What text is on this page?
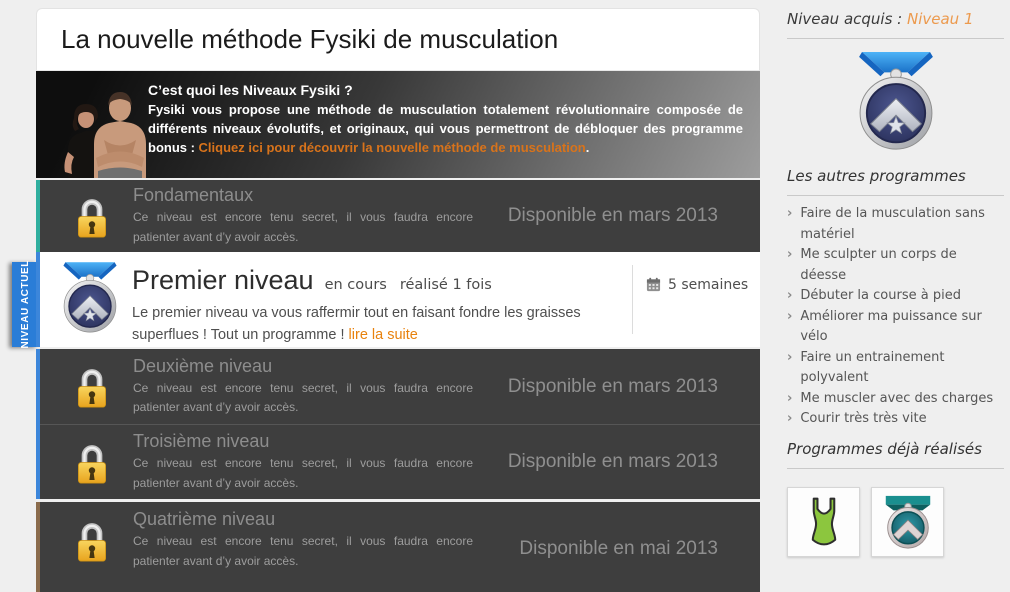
NIVEAU ACTUEL
La nouvelle méthode Fysiki de musculation

C’est quoi les Niveaux Fysiki ?

Fysiki vous propose une méthode de musculation totalement révolutionnaire composée de différents niveaux évolutifs, et originaux, qui vous permettront de débloquer des programme bonus : Cliquez ici pour découvrir la nouvelle méthode de musculation.

Fondamentaux

Ce niveau est encore tenu secret, il vous faudra encore patienter avant d’y avoir accès.

Disponible en mars 2013
Premier niveau en cours réalisé 1 fois

Le premier niveau va vous raffermir tout en faisant fondre les graisses superflues ! Tout un programme ! lire la suite

5 semaines
Deuxième niveau

Ce niveau est encore tenu secret, il vous faudra encore patienter avant d’y avoir accès.

Disponible en mars 2013
Troisième niveau

Ce niveau est encore tenu secret, il vous faudra encore patienter avant d’y avoir accès.

Disponible en mars 2013
Quatrième niveau

Ce niveau est encore tenu secret, il vous faudra encore patienter avant d’y avoir accès.

Disponible en mai 2013

Niveau acquis : Niveau 1

Les autres programmes
› Faire de la musculation sans matériel
› Me sculpter un corps de déesse
› Débuter la course à pied
› Améliorer ma puissance sur vélo
› Faire un entrainement polyvalent
› Me muscler avec des charges
› Courir très très vite
Programmes déjà réalisés
